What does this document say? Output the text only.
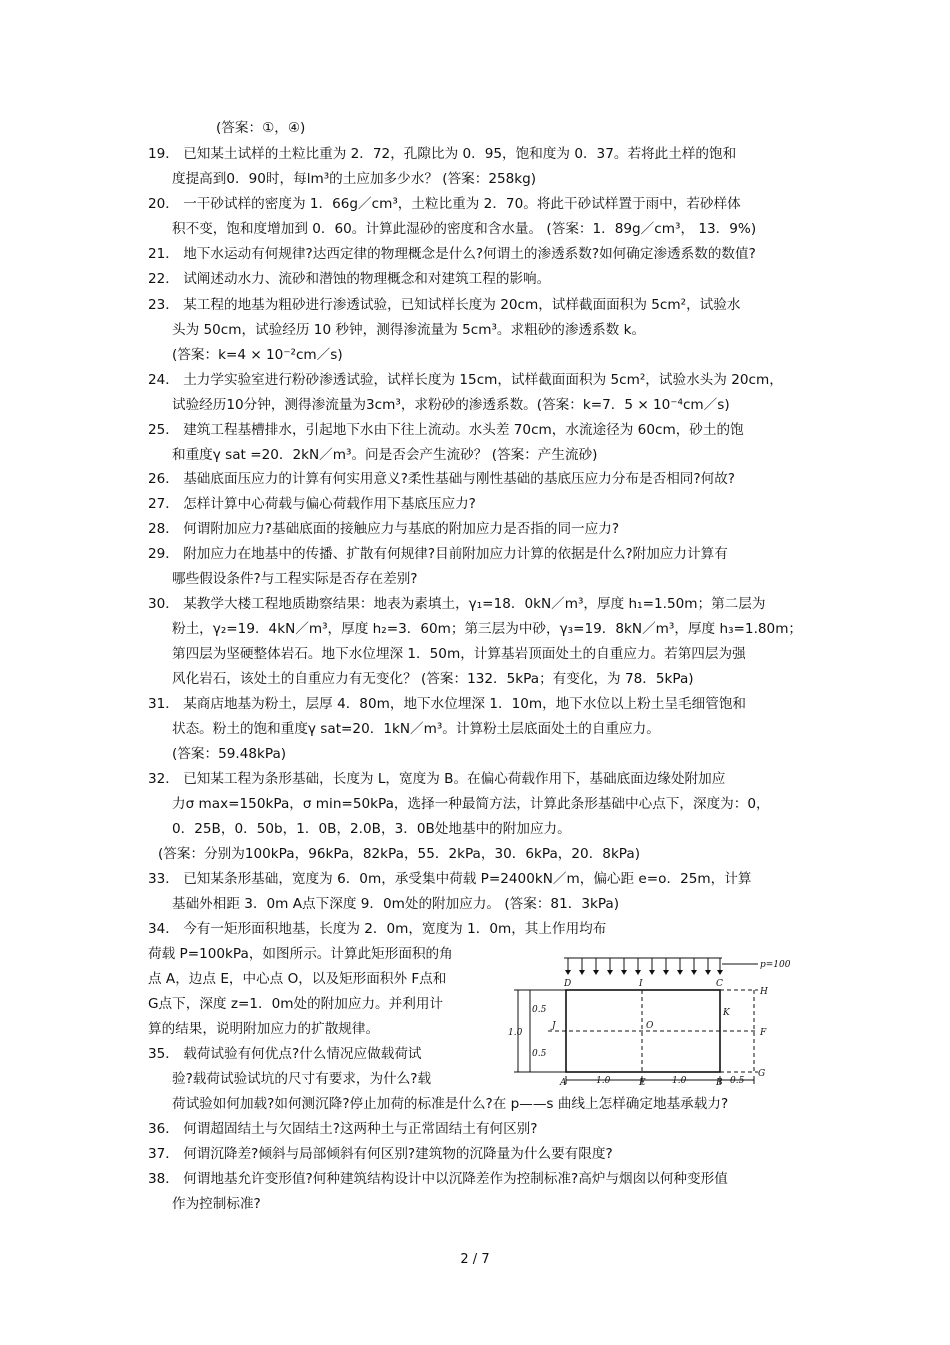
(答案：①，④)
19． 已知某土试样的土粒比重为 2．72，孔隙比为 0．95，饱和度为 0．37。若将此土样的饱和
度提高到0．90时，每lm³的土应加多少水？ (答案：258kg)
20． 一干砂试样的密度为 1．66g／cm³，土粒比重为 2．70。将此干砂试样置于雨中，若砂样体
积不变，饱和度增加到 0．60。计算此湿砂的密度和含水量。 (答案：1．89g／cm³， 13．9%)
21． 地下水运动有何规律?达西定律的物理概念是什么?何谓土的渗透系数?如何确定渗透系数的数值?
22． 试阐述动水力、流砂和潜蚀的物理概念和对建筑工程的影响。
23． 某工程的地基为粗砂进行渗透试验，已知试样长度为 20cm，试样截面面积为 5cm²，试验水
头为 50cm，试验经历 10 秒钟，测得渗流量为 5cm³。求粗砂的渗透系数 k。
(答案：k=4 × 10⁻²cm／s)
24． 土力学实验室进行粉砂渗透试验，试样长度为 15cm，试样截面面积为 5cm²，试验水头为 20cm，
试验经历10分钟，测得渗流量为3cm³，求粉砂的渗透系数。(答案：k=7．5 × 10⁻⁴cm／s)
25． 建筑工程基槽排水，引起地下水由下往上流动。水头差 70cm，水流途径为 60cm，砂土的饱
和重度γ sat =20．2kN／m³。问是否会产生流砂？ (答案：产生流砂)
26． 基础底面压应力的计算有何实用意义?柔性基础与刚性基础的基底压应力分布是否相同?何故?
27． 怎样计算中心荷载与偏心荷载作用下基底压应力?
28． 何谓附加应力?基础底面的接触应力与基底的附加应力是否指的同一应力?
29． 附加应力在地基中的传播、扩散有何规律?目前附加应力计算的依据是什么?附加应力计算有
哪些假设条件?与工程实际是否存在差别?
30． 某教学大楼工程地质勘察结果：地表为素填土，γ₁=18．0kN／m³，厚度 h₁=1.50m；第二层为
粉土，γ₂=19．4kN／m³，厚度 h₂=3．60m；第三层为中砂，γ₃=19．8kN／m³，厚度 h₃=1.80m；
第四层为坚硬整体岩石。地下水位埋深 1．50m，计算基岩顶面处土的自重应力。若第四层为强
风化岩石，该处土的自重应力有无变化？ (答案：132．5kPa；有变化，为 78．5kPa)
31． 某商店地基为粉土，层厚 4．80m，地下水位埋深 1．10m，地下水位以上粉土呈毛细管饱和
状态。粉土的饱和重度γ sat=20．1kN／m³。计算粉土层底面处土的自重应力。
(答案：59.48kPa)
32． 已知某工程为条形基础，长度为 L，宽度为 B。在偏心荷载作用下，基础底面边缘处附加应
力σ max=150kPa，σ min=50kPa，选择一种最简方法，计算此条形基础中心点下，深度为：0，
0．25B，0．50b，1．0B，2.0B，3．0B处地基中的附加应力。
(答案：分别为100kPa，96kPa，82kPa，55．2kPa，30．6kPa，20．8kPa)
33． 已知某条形基础，宽度为 6．0m，承受集中荷载 P=2400kN／m，偏心距 e=o．25m，计算
基础外相距 3．0m A点下深度 9．0m处的附加应力。 (答案：81．3kPa)
34． 今有一矩形面积地基，长度为 2．0m，宽度为 1．0m，其上作用均布
荷载 P=100kPa，如图所示。计算此矩形面积的角
点 A，边点 E，中心点 O，以及矩形面积外 F点和
G点下，深度 z=1．0m处的附加应力。并利用计
算的结果，说明附加应力的扩散规律。
35． 载荷试验有何优点?什么情况应做载荷试
验?载荷试验试坑的尺寸有要求，为什么?载
荷试验如何加载?如何测沉降?停止加荷的标准是什么?在 p——s 曲线上怎样确定地基承载力?
36． 何谓超固结土与欠固结土?这两种土与正常固结土有何区别?
37． 何谓沉降差?倾斜与局部倾斜有何区别?建筑物的沉降量为什么要有限度?
38． 何谓地基允许变形值?何种建筑结构设计中以沉降差作为控制标准?高炉与烟囱以何种变形值
作为控制标准?
p=100
D	I	C
H
K
F
J	O
A	E	B
G
0.5
1.0
0.5
1.0	1.0	0.5
2 / 7
